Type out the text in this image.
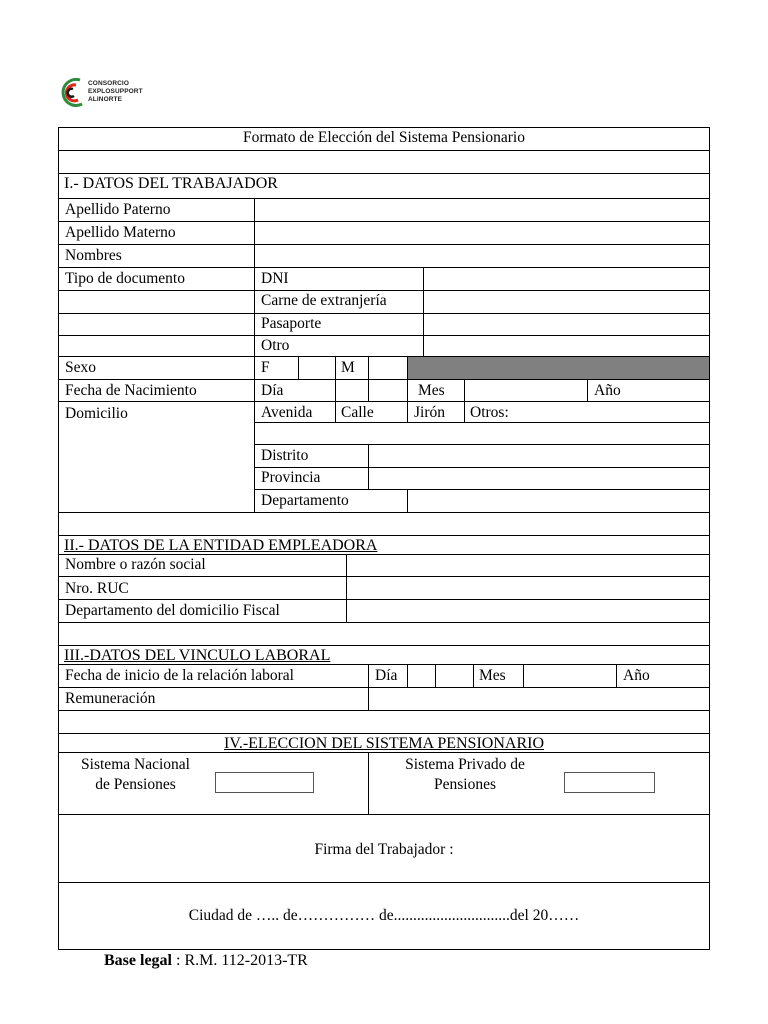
CONSORCIO
EXPLOSUPPORT
ALINORTE
Formato de Elección del Sistema Pensionario
I.- DATOS DEL TRABAJADOR
Apellido Paterno
Apellido Materno
Nombres
Tipo de documento	DNI
Carne de extranjería
Pasaporte
Otro
Sexo	F	M
Fecha de Nacimiento	Día	Mes	Año
Domicilio	Avenida Calle	Jirón Otros:
Distrito
Provincia
Departamento
II.- DATOS DE LA ENTIDAD EMPLEADORA
Nombre o razón social
Nro. RUC
Departamento del domicilio Fiscal
III.-DATOS DEL VINCULO LABORAL
Fecha de inicio de la relación laboral	Día	Mes	Año
Remuneración
IV.-ELECCION DEL SISTEMA PENSIONARIO
Sistema Nacional
de Pensiones
Sistema Privado de
Pensiones
Firma del Trabajador :
Ciudad de ….. de…………… de..............................del 20……
Base legal : R.M. 112-2013-TR
